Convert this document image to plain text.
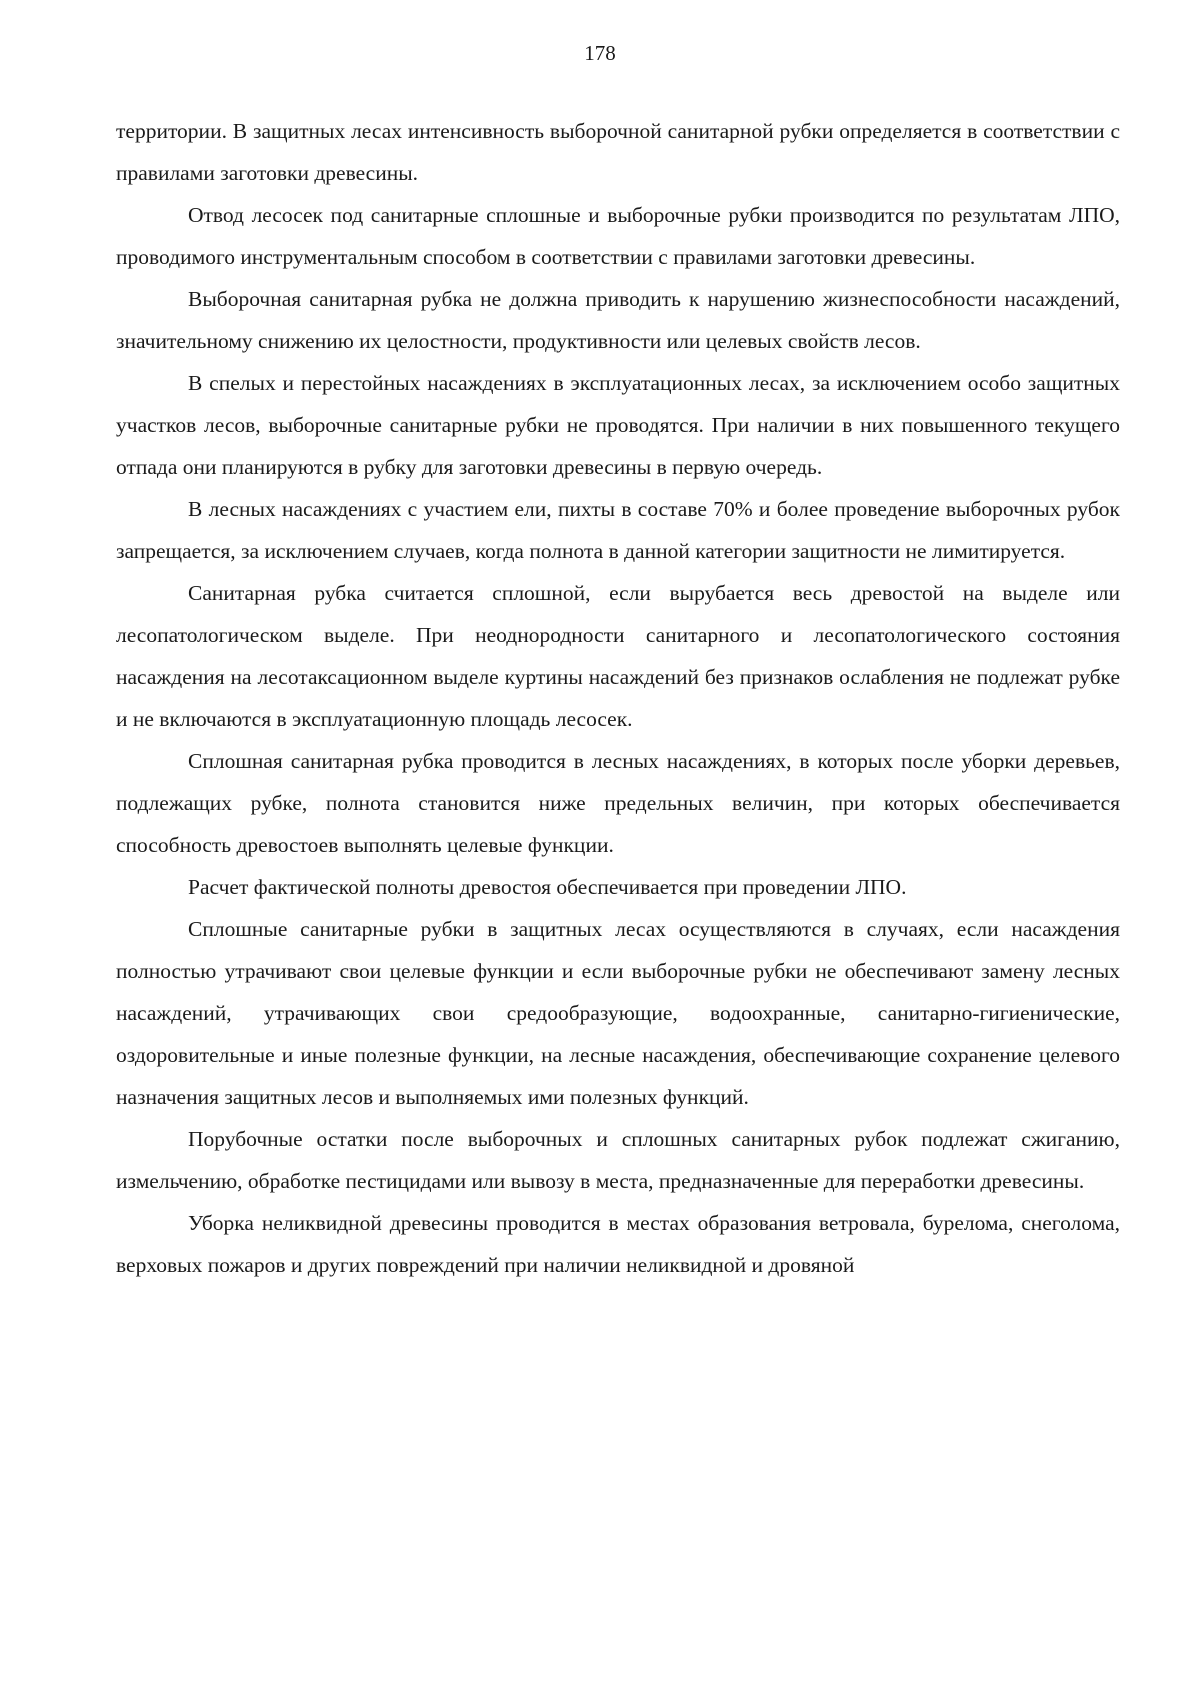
178

территории. В защитных лесах интенсивность выборочной санитарной рубки определяется в соответствии с правилами заготовки древесины.

Отвод лесосек под санитарные сплошные и выборочные рубки производится по результатам ЛПО, проводимого инструментальным способом в соответствии с правилами заготовки древесины.

Выборочная санитарная рубка не должна приводить к нарушению жизнеспособности насаждений, значительному снижению их целостности, продуктивности или целевых свойств лесов.

В спелых и перестойных насаждениях в эксплуатационных лесах, за исключением особо защитных участков лесов, выборочные санитарные рубки не проводятся. При наличии в них повышенного текущего отпада они планируются в рубку для заготовки древесины в первую очередь.

В лесных насаждениях с участием ели, пихты в составе 70% и более проведение выборочных рубок запрещается, за исключением случаев, когда полнота в данной категории защитности не лимитируется.

Санитарная рубка считается сплошной, если вырубается весь древостой на выделе или лесопатологическом выделе. При неоднородности санитарного и лесопатологического состояния насаждения на лесотаксационном выделе куртины насаждений без признаков ослабления не подлежат рубке и не включаются в эксплуатационную площадь лесосек.

Сплошная санитарная рубка проводится в лесных насаждениях, в которых после уборки деревьев, подлежащих рубке, полнота становится ниже предельных величин, при которых обеспечивается способность древостоев выполнять целевые функции.

Расчет фактической полноты древостоя обеспечивается при проведении ЛПО.

Сплошные санитарные рубки в защитных лесах осуществляются в случаях, если насаждения полностью утрачивают свои целевые функции и если выборочные рубки не обеспечивают замену лесных насаждений, утрачивающих свои средообразующие, водоохранные, санитарно-гигиенические, оздоровительные и иные полезные функции, на лесные насаждения, обеспечивающие сохранение целевого назначения защитных лесов и выполняемых ими полезных функций.

Порубочные остатки после выборочных и сплошных санитарных рубок подлежат сжиганию, измельчению, обработке пестицидами или вывозу в места, предназначенные для переработки древесины.

Уборка неликвидной древесины проводится в местах образования ветровала, бурелома, снеголома, верховых пожаров и других повреждений при наличии неликвидной и дровяной
